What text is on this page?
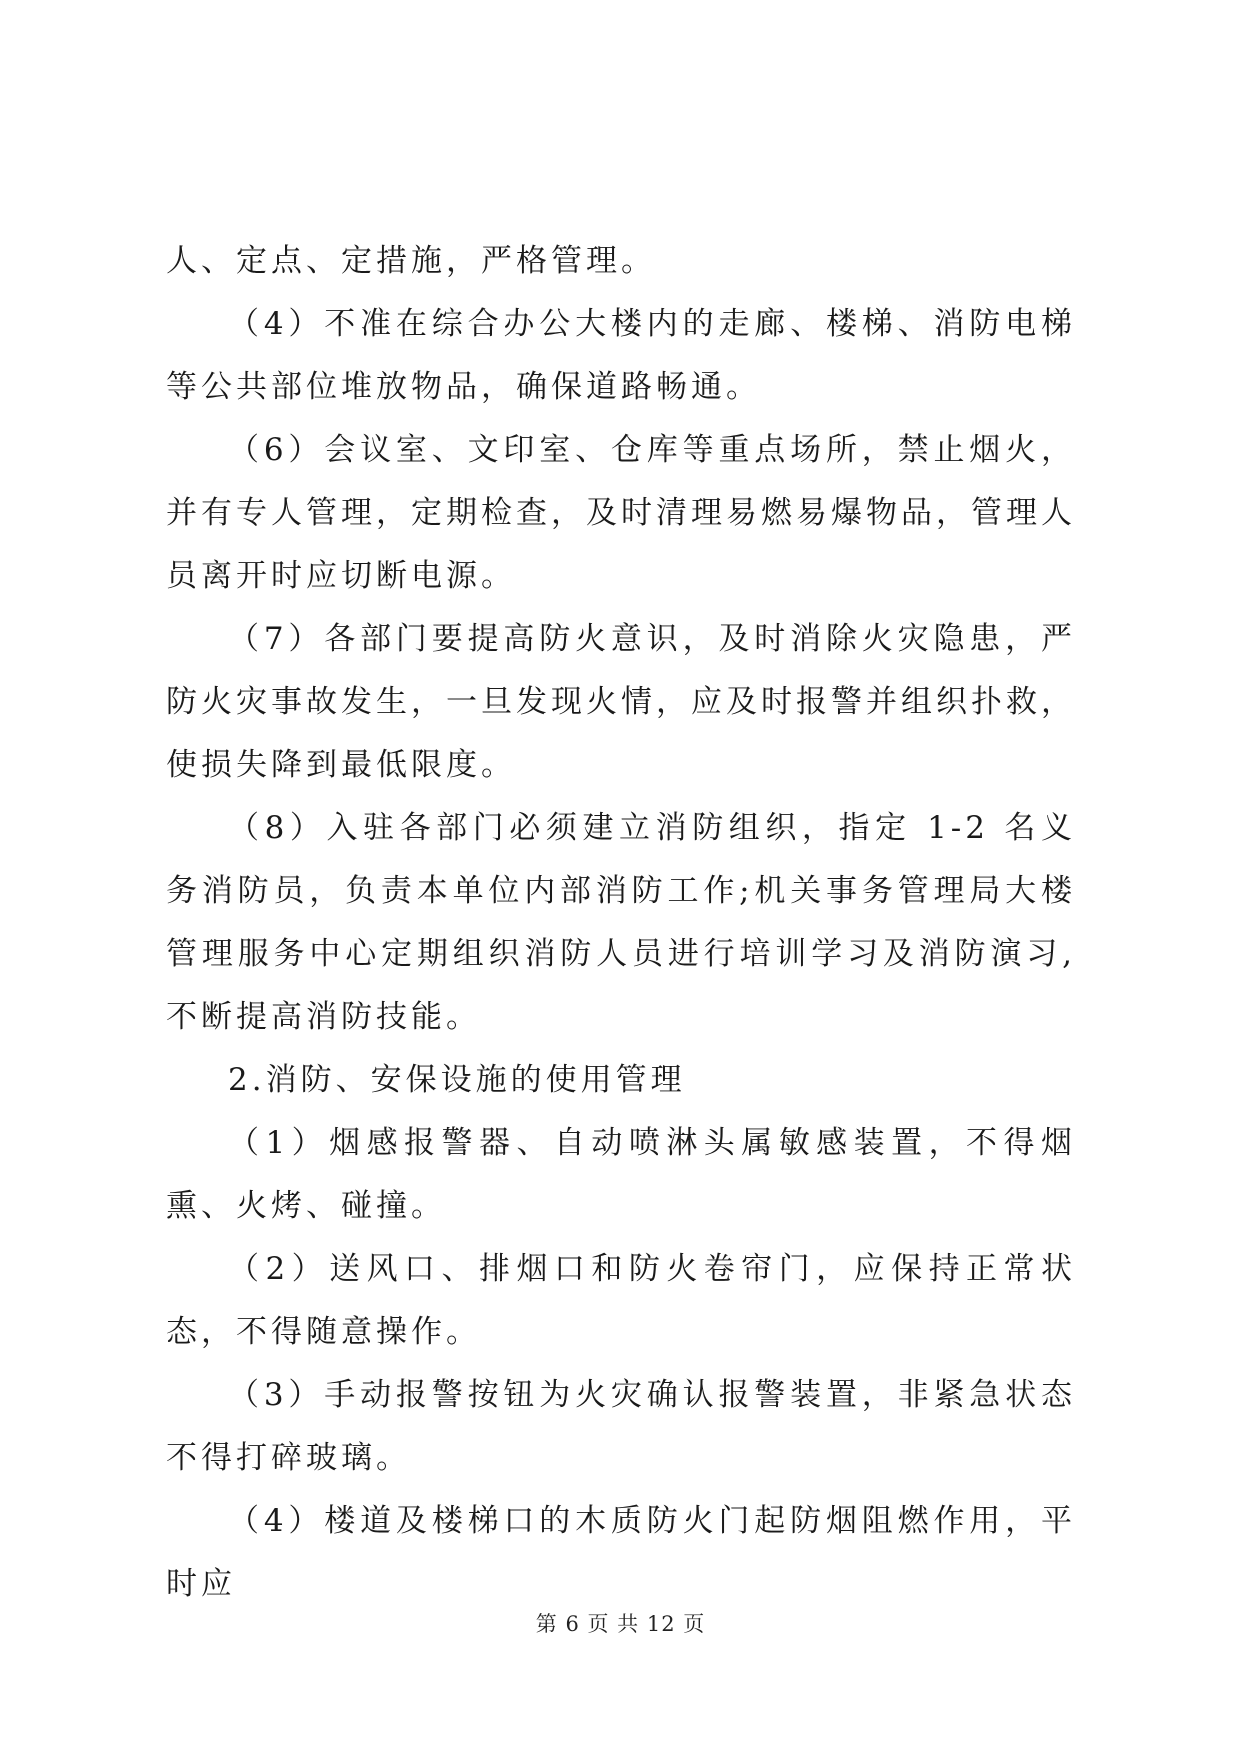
人、定点、定措施，严格管理。

（4）不准在综合办公大楼内的走廊、楼梯、消防电梯等公共部位堆放物品，确保道路畅通。

（6）会议室、文印室、仓库等重点场所，禁止烟火，并有专人管理，定期检查，及时清理易燃易爆物品，管理人员离开时应切断电源。

（7）各部门要提高防火意识，及时消除火灾隐患，严防火灾事故发生，一旦发现火情，应及时报警并组织扑救，使损失降到最低限度。

（8）入驻各部门必须建立消防组织，指定 1-2 名义务消防员，负责本单位内部消防工作;机关事务管理局大楼管理服务中心定期组织消防人员进行培训学习及消防演习,不断提高消防技能。

2.消防、安保设施的使用管理

（1）烟感报警器、自动喷淋头属敏感装置，不得烟熏、火烤、碰撞。

（2）送风口、排烟口和防火卷帘门，应保持正常状态，不得随意操作。

（3）手动报警按钮为火灾确认报警装置，非紧急状态不得打碎玻璃。

（4）楼道及楼梯口的木质防火门起防烟阻燃作用，平时应

第 6 页 共 12 页
